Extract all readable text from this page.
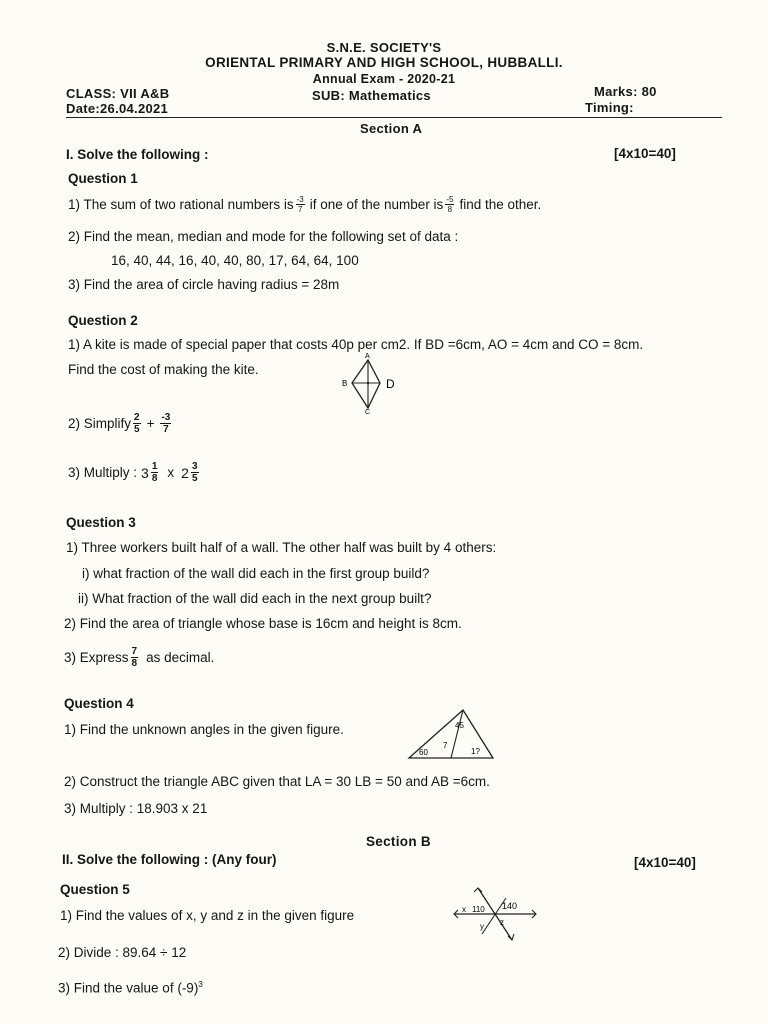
S.N.E. SOCIETY'S
ORIENTAL PRIMARY AND HIGH SCHOOL, HUBBALLI.
Annual Exam - 2020-21
CLASS: VII A&B	SUB: Mathematics	Marks: 80
Date:26.04.2021	Timing:
Section A
I. Solve the following :	[4x10=40]
Question 1
1) The sum of two rational numbers is $\frac{-3}{7}$ if one of the number is $\frac{-5}{8}$ find the other.
2) Find the mean, median and mode for the following set of data :
16, 40, 44, 16, 40, 40, 80, 17, 64, 64, 100
3) Find the area of circle having radius = 28m
Question 2
1) A kite is made of special paper that costs 40p per cm2. If BD =6cm, AO = 4cm and CO = 8cm.
Find the cost of making the kite.
A
B
C
D
2) Simplify $\frac{2}{5} + \frac{-3}{7}$
3) Multiply : $3 \frac{1}{8}$ x $2 \frac{3}{5}$
Question 3
1) Three workers built half of a wall. The other half was built by 4 others:
i) what fraction of the wall did each in the first group build?
ii) What fraction of the wall did each in the next group built?
2) Find the area of triangle whose base is 16cm and height is 8cm.
3) Express $\frac{7}{8}$ as decimal.
Question 4
1) Find the unknown angles in the given figure.	45
60
7
1?
2) Construct the triangle ABC given that LA = 30 LB = 50 and AB =6cm.
3) Multiply : 18.903 x 21
Section B
II. Solve the following : (Any four)	[4x10=40]
Question 5
1) Find the values of x, y and z in the given figure	x 110 140
y z
2) Divide : 89.64 ÷ 12
3) Find the value of $(-9)^3$
